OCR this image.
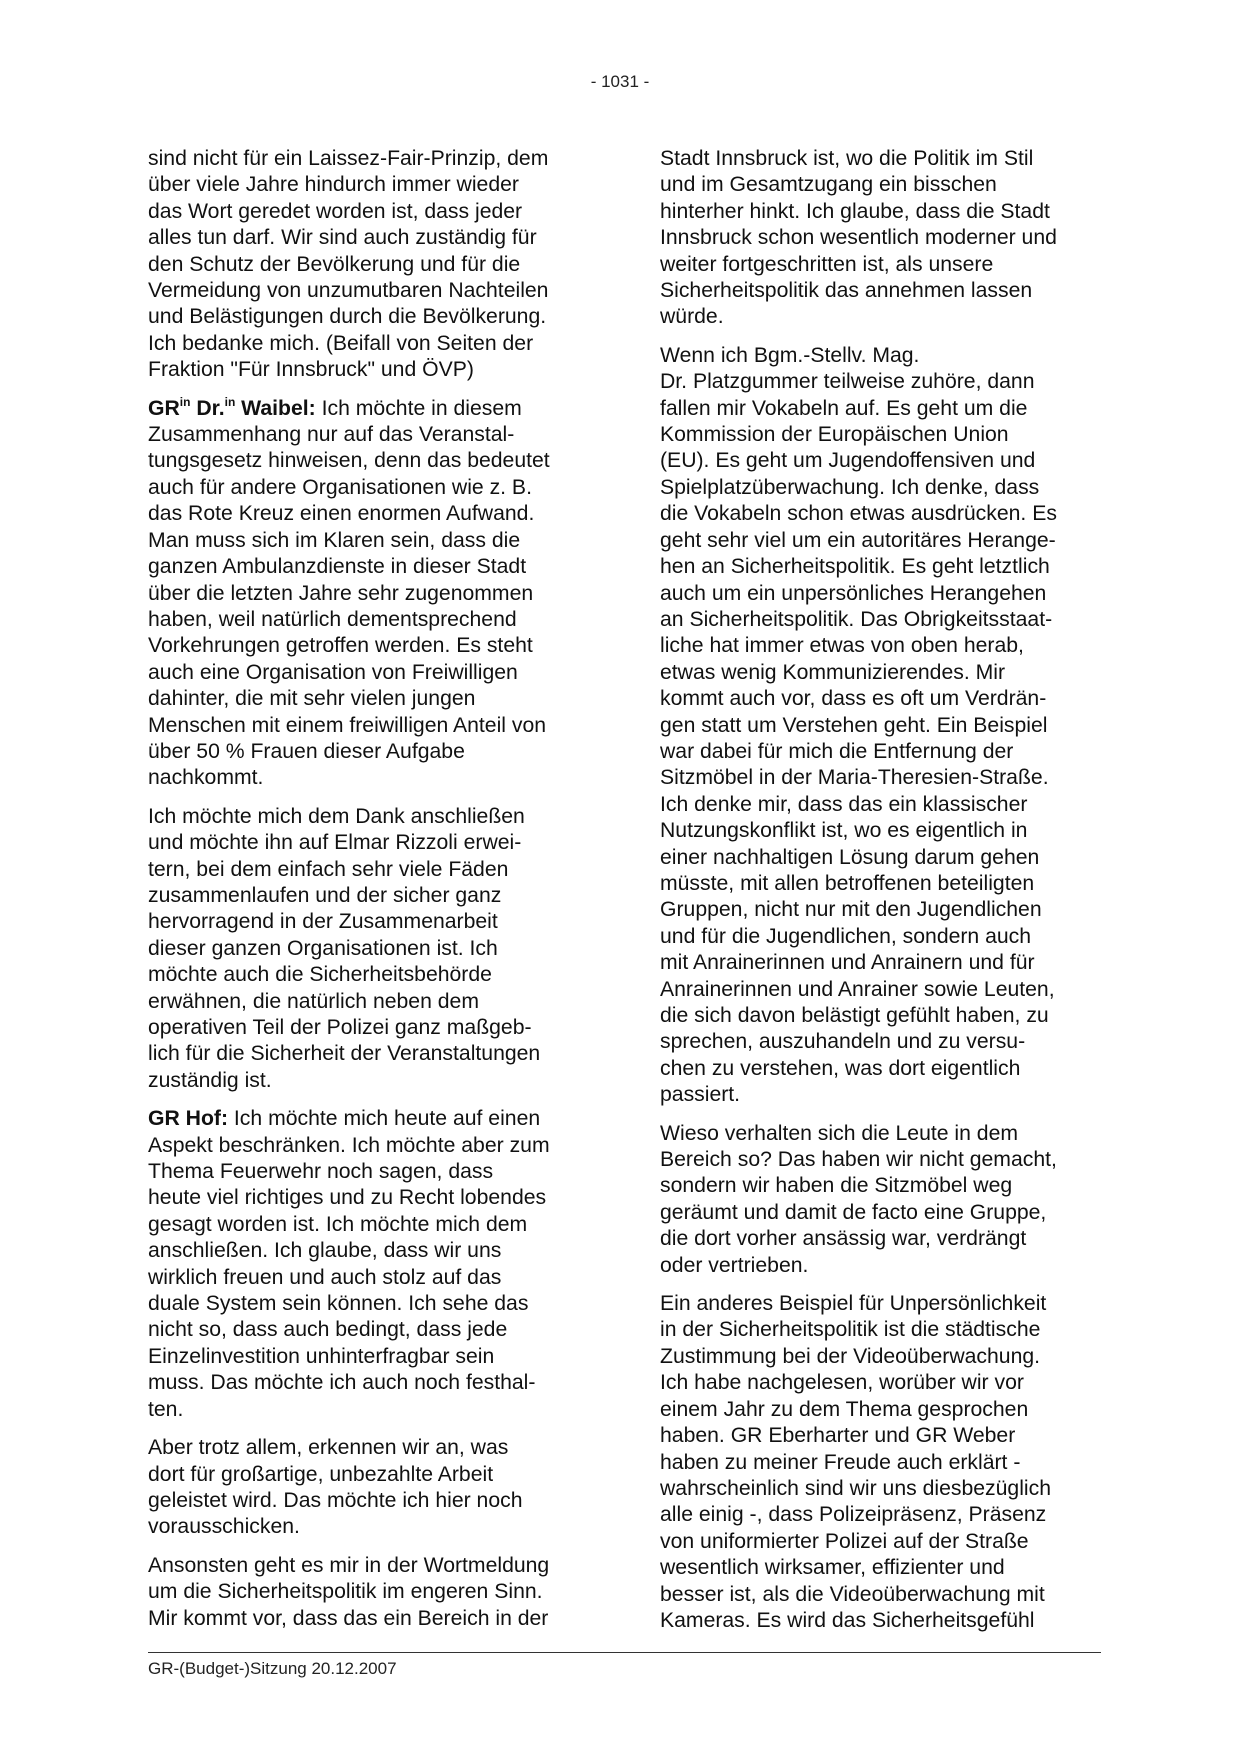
- 1031 -

sind nicht für ein Laissez-Fair-Prinzip, dem
über viele Jahre hindurch immer wieder
das Wort geredet worden ist, dass jeder
alles tun darf. Wir sind auch zuständig für
den Schutz der Bevölkerung und für die
Vermeidung von unzumutbaren Nachteilen
und Belästigungen durch die Bevölkerung.
Ich bedanke mich. (Beifall von Seiten der
Fraktion "Für Innsbruck" und ÖVP)

$GR^{in}$ Dr.$^{in}$ Waibel: Ich möchte in diesem
Zusammenhang nur auf das Veranstal-
tungsgesetz hinweisen, denn das bedeutet
auch für andere Organisationen wie z. B.
das Rote Kreuz einen enormen Aufwand.
Man muss sich im Klaren sein, dass die
ganzen Ambulanzdienste in dieser Stadt
über die letzten Jahre sehr zugenommen
haben, weil natürlich dementsprechend
Vorkehrungen getroffen werden. Es steht
auch eine Organisation von Freiwilligen
dahinter, die mit sehr vielen jungen
Menschen mit einem freiwilligen Anteil von
über 50 % Frauen dieser Aufgabe
nachkommt.

Ich möchte mich dem Dank anschließen
und möchte ihn auf Elmar Rizzoli erwei-
tern, bei dem einfach sehr viele Fäden
zusammenlaufen und der sicher ganz
hervorragend in der Zusammenarbeit
dieser ganzen Organisationen ist. Ich
möchte auch die Sicherheitsbehörde
erwähnen, die natürlich neben dem
operativen Teil der Polizei ganz maßgeb-
lich für die Sicherheit der Veranstaltungen
zuständig ist.

GR Hof: Ich möchte mich heute auf einen
Aspekt beschränken. Ich möchte aber zum
Thema Feuerwehr noch sagen, dass
heute viel richtiges und zu Recht lobendes
gesagt worden ist. Ich möchte mich dem
anschließen. Ich glaube, dass wir uns
wirklich freuen und auch stolz auf das
duale System sein können. Ich sehe das
nicht so, dass auch bedingt, dass jede
Einzelinvestition unhinterfragbar sein
muss. Das möchte ich auch noch festhal-
ten.

Aber trotz allem, erkennen wir an, was
dort für großartige, unbezahlte Arbeit
geleistet wird. Das möchte ich hier noch
vorausschicken.

Ansonsten geht es mir in der Wortmeldung
um die Sicherheitspolitik im engeren Sinn.
Mir kommt vor, dass das ein Bereich in der

Stadt Innsbruck ist, wo die Politik im Stil
und im Gesamtzugang ein bisschen
hinterher hinkt. Ich glaube, dass die Stadt
Innsbruck schon wesentlich moderner und
weiter fortgeschritten ist, als unsere
Sicherheitspolitik das annehmen lassen
würde.

Wenn ich Bgm.-Stellv. Mag.

Dr. Platzgummer teilweise zuhöre, dann
fallen mir Vokabeln auf. Es geht um die
Kommission der Europäischen Union
(EU). Es geht um Jugendoffensiven und
Spielplatzüberwachung. Ich denke, dass
die Vokabeln schon etwas ausdrücken. Es
geht sehr viel um ein autoritäres Herange-
hen an Sicherheitspolitik. Es geht letztlich
auch um ein unpersönliches Herangehen
an Sicherheitspolitik. Das Obrigkeitsstaat-
liche hat immer etwas von oben herab,
etwas wenig Kommunizierendes. Mir
kommt auch vor, dass es oft um Verdrän-
gen statt um Verstehen geht. Ein Beispiel
war dabei für mich die Entfernung der
Sitzmöbel in der Maria-Theresien-Straße.
Ich denke mir, dass das ein klassischer
Nutzungskonflikt ist, wo es eigentlich in
einer nachhaltigen Lösung darum gehen
müsste, mit allen betroffenen beteiligten
Gruppen, nicht nur mit den Jugendlichen
und für die Jugendlichen, sondern auch
mit Anrainerinnen und Anrainern und für
Anrainerinnen und Anrainer sowie Leuten,
die sich davon belästigt gefühlt haben, zu
sprechen, auszuhandeln und zu versu-
chen zu verstehen, was dort eigentlich
passiert.

Wieso verhalten sich die Leute in dem
Bereich so? Das haben wir nicht gemacht,
sondern wir haben die Sitzmöbel weg
geräumt und damit de facto eine Gruppe,
die dort vorher ansässig war, verdrängt
oder vertrieben.

Ein anderes Beispiel für Unpersönlichkeit
in der Sicherheitspolitik ist die städtische
Zustimmung bei der Videoüberwachung.
Ich habe nachgelesen, worüber wir vor
einem Jahr zu dem Thema gesprochen
haben. GR Eberharter und GR Weber
haben zu meiner Freude auch erklärt -
wahrscheinlich sind wir uns diesbezüglich
alle einig -, dass Polizeipräsenz, Präsenz
von uniformierter Polizei auf der Straße
wesentlich wirksamer, effizienter und
besser ist, als die Videoüberwachung mit
Kameras. Es wird das Sicherheitsgefühl

GR-(Budget-)Sitzung 20.12.2007
